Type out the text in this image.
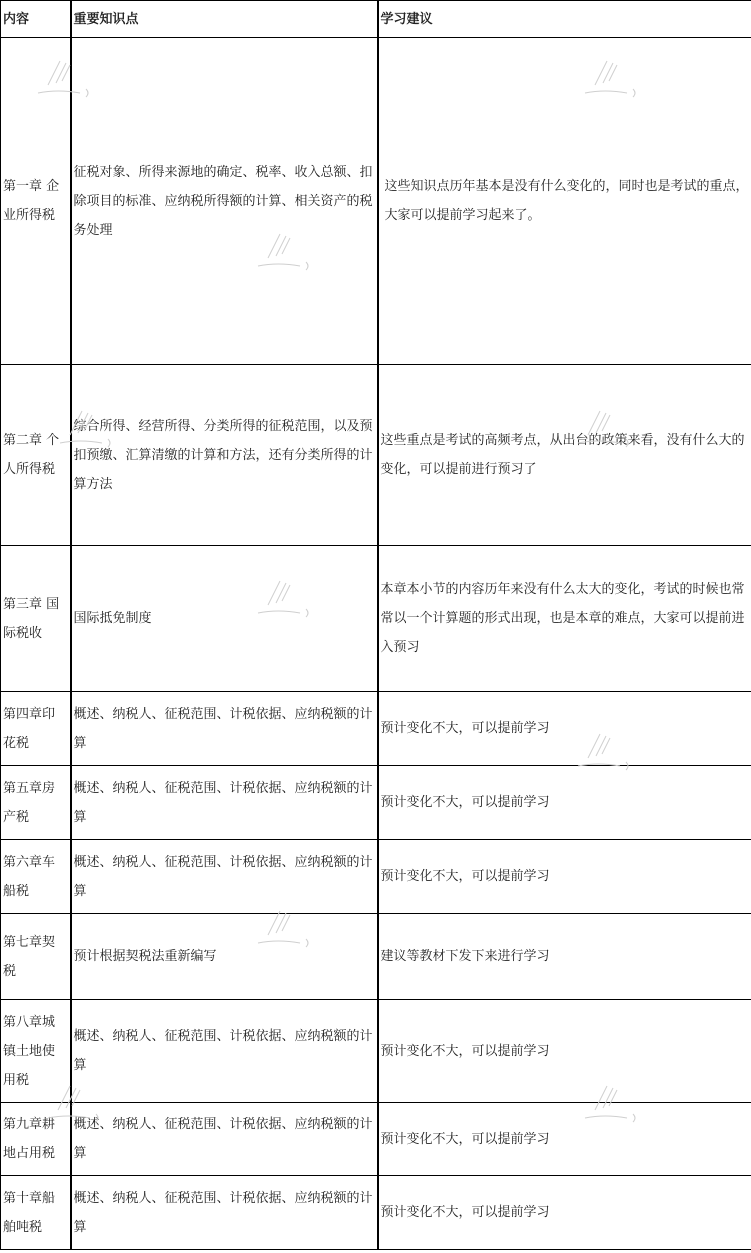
内容	重要知识点	学习建议
第一章 企业所得税	征税对象、所得来源地的确定、税率、收入总额、扣除项目的标准、应纳税所得额的计算、相关资产的税务处理	这些知识点历年基本是没有什么变化的，同时也是考试的重点，大家可以提前学习起来了。
第二章 个人所得税	综合所得、经营所得、分类所得的征税范围，以及预扣预缴、汇算清缴的计算和方法，还有分类所得的计算方法	这些重点是考试的高频考点，从出台的政策来看，没有什么大的变化，可以提前进行预习了
第三章 国际税收	国际抵免制度	本章本小节的内容历年来没有什么太大的变化，考试的时候也常常以一个计算题的形式出现，也是本章的难点，大家可以提前进入预习
第四章印花税	概述、纳税人、征税范围、计税依据、应纳税额的计算	预计变化不大，可以提前学习
第五章房产税	概述、纳税人、征税范围、计税依据、应纳税额的计算	预计变化不大，可以提前学习
第六章车船税	概述、纳税人、征税范围、计税依据、应纳税额的计算	预计变化不大，可以提前学习
第七章契税	预计根据契税法重新编写	建议等教材下发下来进行学习
第八章城镇土地使用税	概述、纳税人、征税范围、计税依据、应纳税额的计算	预计变化不大，可以提前学习
第九章耕地占用税	概述、纳税人、征税范围、计税依据、应纳税额的计算	预计变化不大，可以提前学习
第十章船舶吨税	概述、纳税人、征税范围、计税依据、应纳税额的计算	预计变化不大，可以提前学习
